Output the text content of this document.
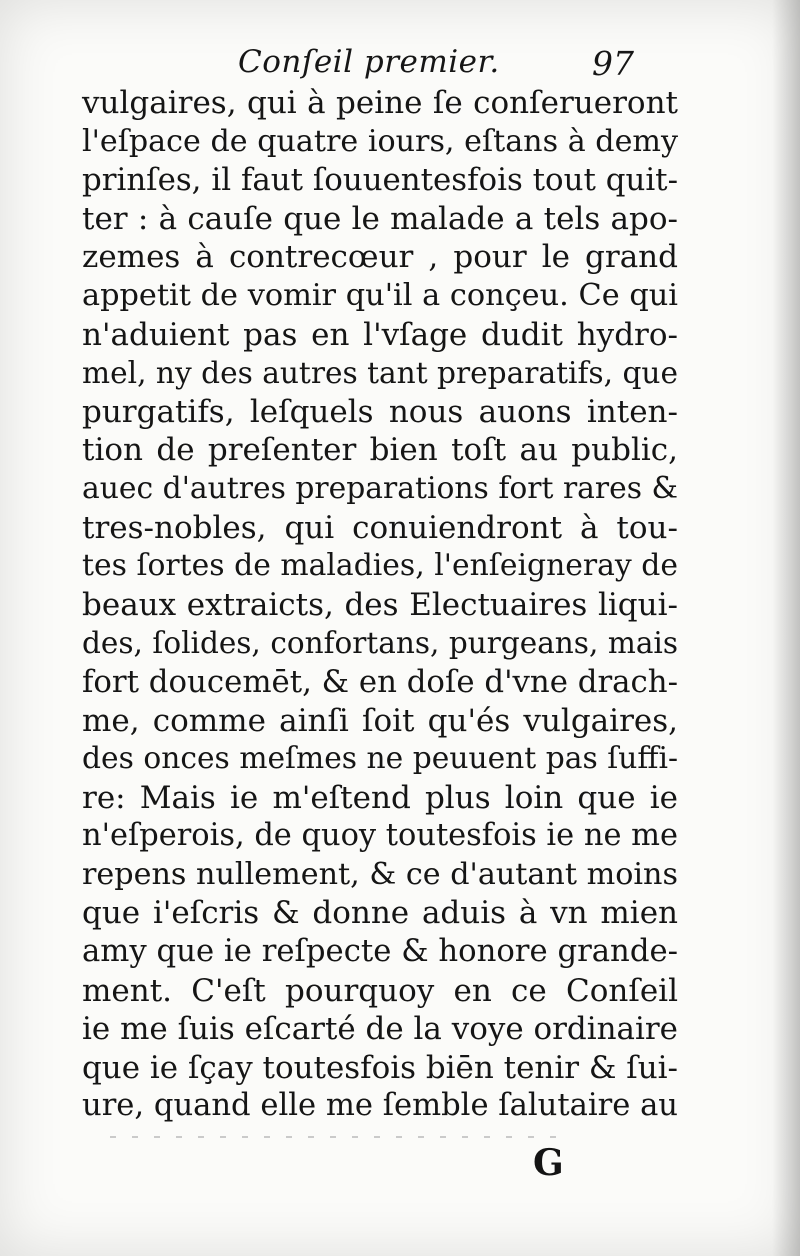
Conſeil premier.	97
vulgaires, qui à peine ſe conſerueront
l'eſpace de quatre iours, eſtans à demy
prinſes, il faut ſouuentesfois tout quit-
ter : à cauſe que le malade a tels apo-
zemes à contrecœur , pour le grand
appetit de vomir qu'il a conçeu. Ce qui
n'aduient pas en l'vſage dudit hydro-
mel, ny des autres tant preparatifs, que
purgatifs, leſquels nous auons inten-
tion de preſenter bien toſt au public,
auec d'autres preparations fort rares &
tres-nobles, qui conuiendront à tou-
tes ſortes de maladies, l'enſeigneray de
beaux extraicts, des Electuaires liqui-
des, ſolides, confortans, purgeans, mais
fort doucemēt, & en doſe d'vne drach-
me, comme ainſi ſoit qu'és vulgaires,
des onces meſmes ne peuuent pas ſuffi-
re: Mais ie m'eſtend plus loin que ie
n'eſperois, de quoy toutesfois ie ne me
repens nullement, & ce d'autant moins
que i'eſcris & donne aduis à vn mien
amy que ie reſpecte & honore grande-
ment. C'eſt pourquoy en ce Conſeil
ie me ſuis eſcarté de la voye ordinaire
que ie ſçay toutesfois biēn tenir & ſui-
ure, quand elle me ſemble ſalutaire au
G
